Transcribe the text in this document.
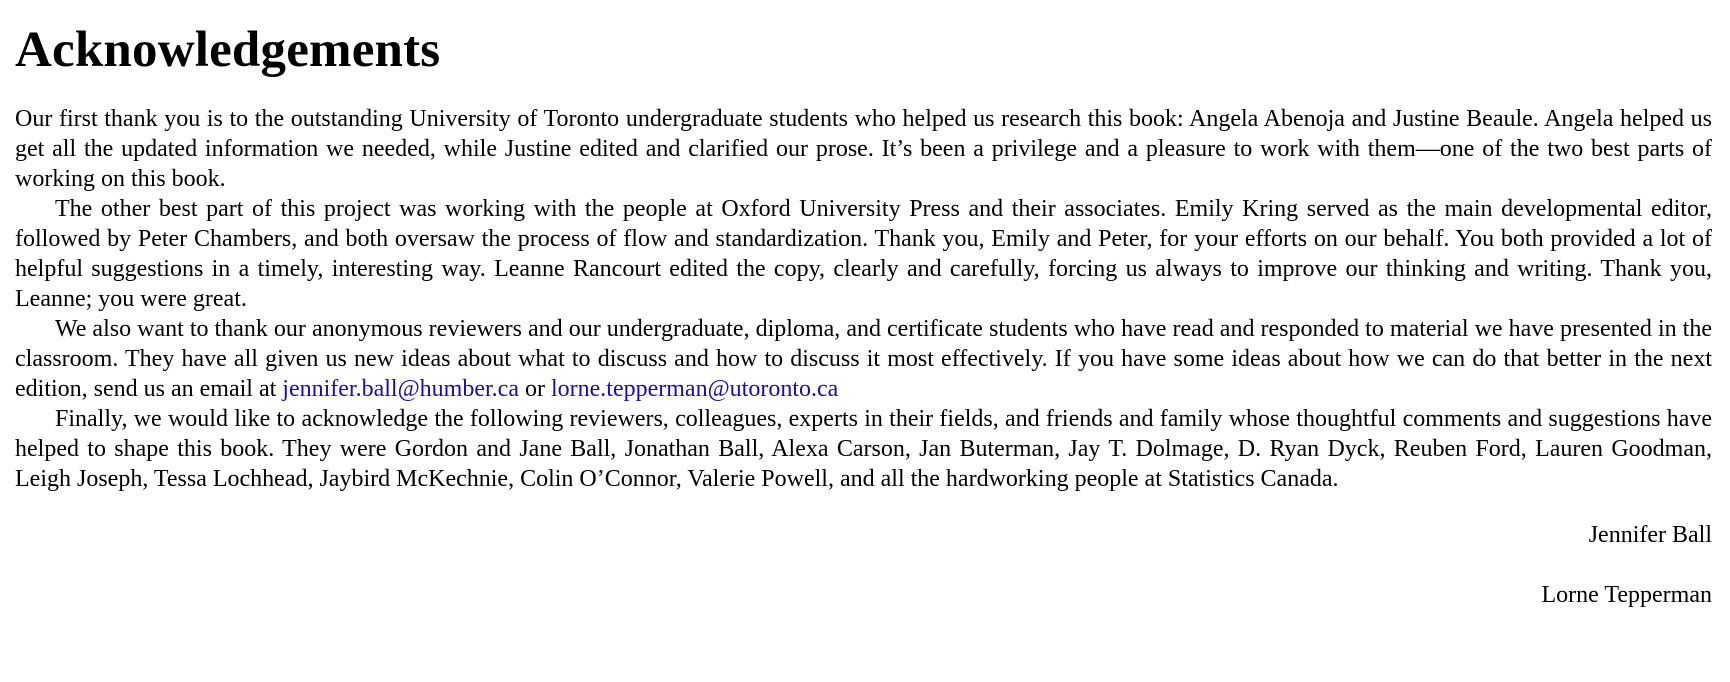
Acknowledgements

Our first thank you is to the outstanding University of Toronto undergraduate students who helped us research this book: Angela Abenoja and Justine Beaule. Angela helped us get all the updated information we needed, while Justine edited and clarified our prose. It’s been a privilege and a pleasure to work with them—one of the two best parts of working on this book.

The other best part of this project was working with the people at Oxford University Press and their associates. Emily Kring served as the main developmental editor, followed by Peter Chambers, and both oversaw the process of flow and standardization. Thank you, Emily and Peter, for your efforts on our behalf. You both provided a lot of helpful suggestions in a timely, interesting way. Leanne Rancourt edited the copy, clearly and carefully, forcing us always to improve our thinking and writing. Thank you, Leanne; you were great.

We also want to thank our anonymous reviewers and our undergraduate, diploma, and certificate students who have read and responded to material we have presented in the classroom. They have all given us new ideas about what to discuss and how to discuss it most effectively. If you have some ideas about how we can do that better in the next edition, send us an email at jennifer.ball@humber.ca or lorne.tepperman@utoronto.ca

Finally, we would like to acknowledge the following reviewers, colleagues, experts in their fields, and friends and family whose thoughtful comments and suggestions have helped to shape this book. They were Gordon and Jane Ball, Jonathan Ball, Alexa Carson, Jan Buterman, Jay T. Dolmage, D. Ryan Dyck, Reuben Ford, Lauren Goodman, Leigh Joseph, Tessa Lochhead, Jaybird McKechnie, Colin O’Connor, Valerie Powell, and all the hardworking people at Statistics Canada.

Jennifer Ball

Lorne Tepperman
